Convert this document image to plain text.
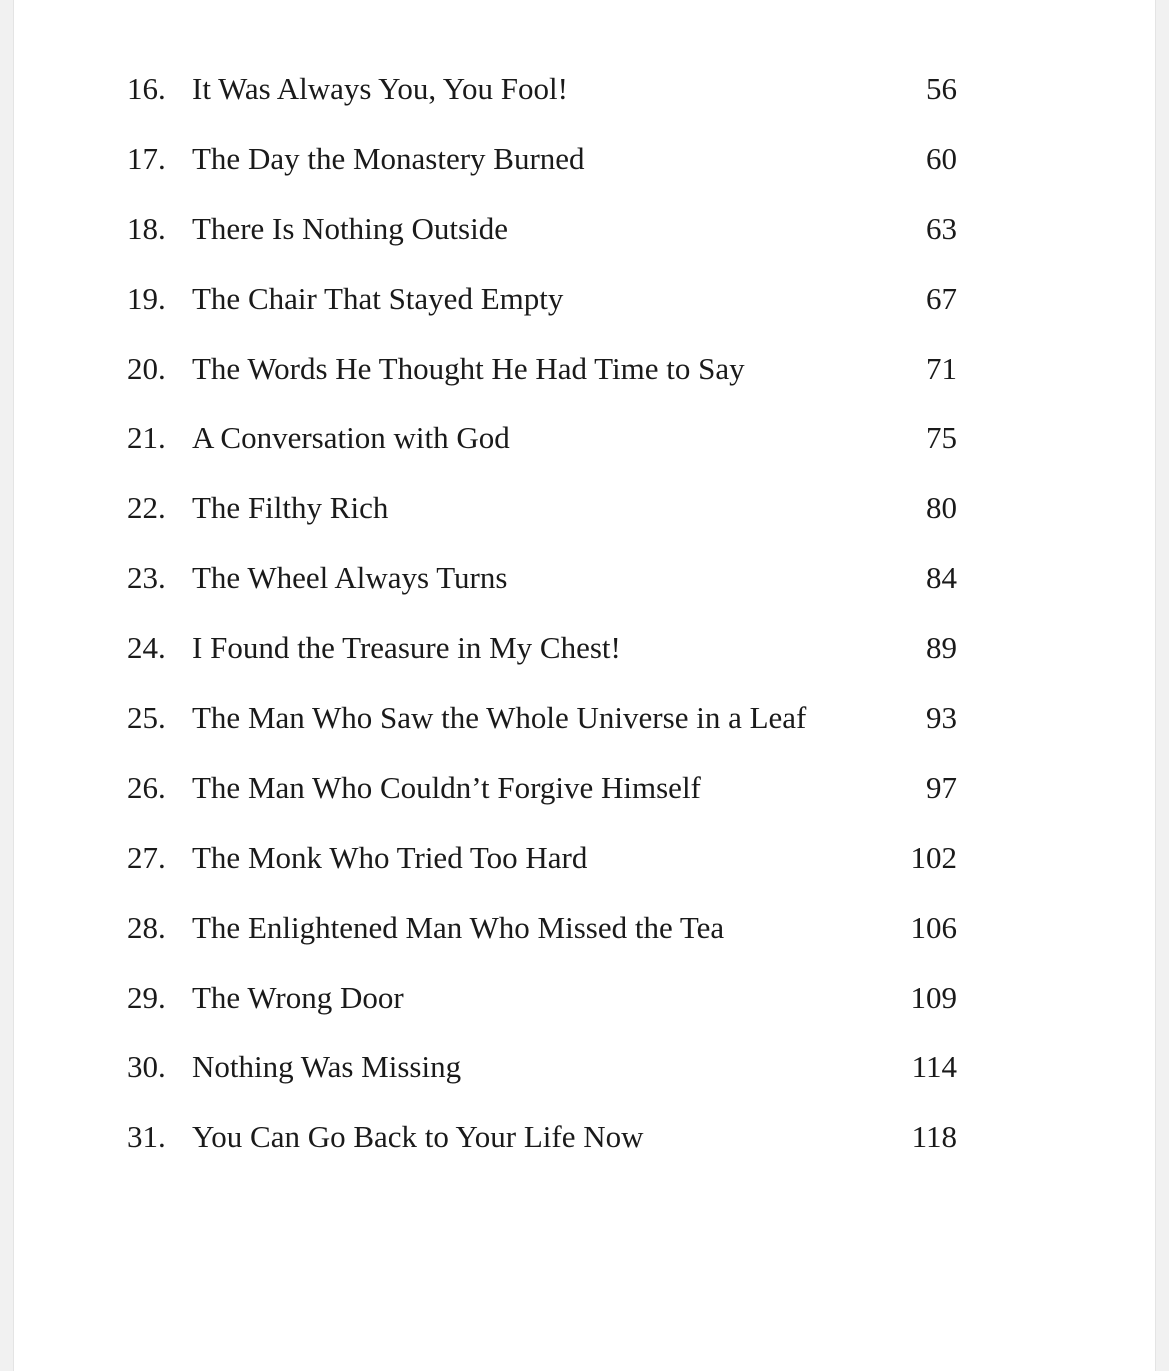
16. It Was Always You, You Fool!	56
17. The Day the Monastery Burned	60
18. There Is Nothing Outside	63
19. The Chair That Stayed Empty	67
20. The Words He Thought He Had Time to Say	71
21. A Conversation with God	75
22. The Filthy Rich	80
23. The Wheel Always Turns	84
24. I Found the Treasure in My Chest!	89
25. The Man Who Saw the Whole Universe in a Leaf	93
26. The Man Who Couldn’t Forgive Himself	97
27. The Monk Who Tried Too Hard	102
28. The Enlightened Man Who Missed the Tea	106
29. The Wrong Door	109
30. Nothing Was Missing	114
31. You Can Go Back to Your Life Now	118
